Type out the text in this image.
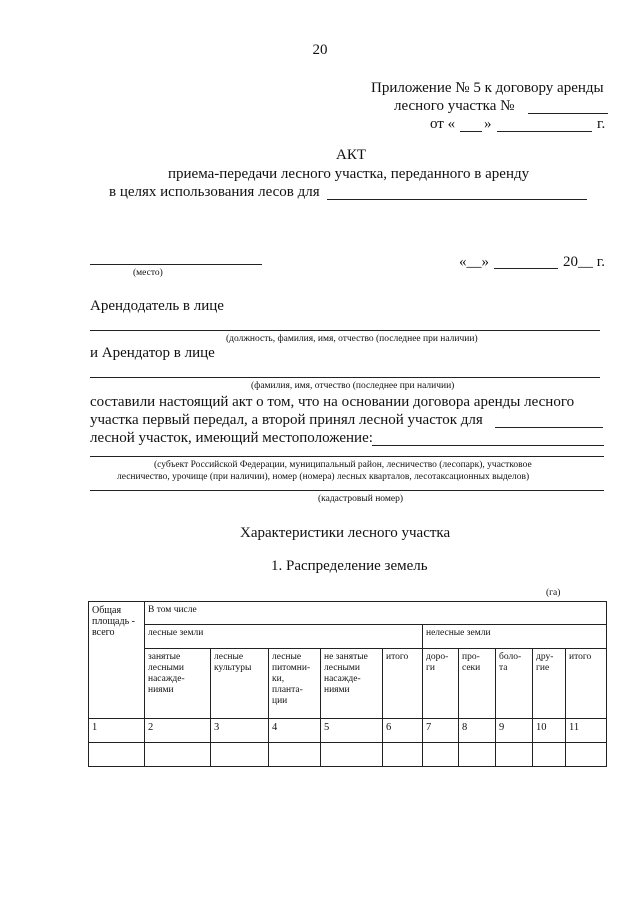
20
Приложение № 5 к договору аренды
лесного участка №
от « »	г.
АКТ
приема-передачи лесного участка, переданного в аренду
в целях использования лесов для
(место)
«__»	20__ г.
Арендодатель в лице
(должность, фамилия, имя, отчество (последнее при наличии)
и Арендатор в лице
(фамилия, имя, отчество (последнее при наличии)
составили настоящий акт о том, что на основании договора аренды лесного
участка первый передал, а второй принял лесной участок для
лесной участок, имеющий местоположение:
(субъект Российской Федерации, муниципальный район, лесничество (лесопарк), участковое
лесничество, урочище (при наличии), номер (номера) лесных кварталов, лесотаксационных выделов)
(кадастровый номер)
Характеристики лесного участка
1. Распределение земель
(га)
Общая площадь - всего	В том числе									
	лесные земли					нелесные земли				
	занятые лесными насажде-ниями	лесные культуры	лесные питомни-ки, планта-ции	не занятые лесными насажде-ниями	итого	доро-ги	про-секи	боло-та	дру-гие	итого
1	2	3	4	5	6	7	8	9	10	11
